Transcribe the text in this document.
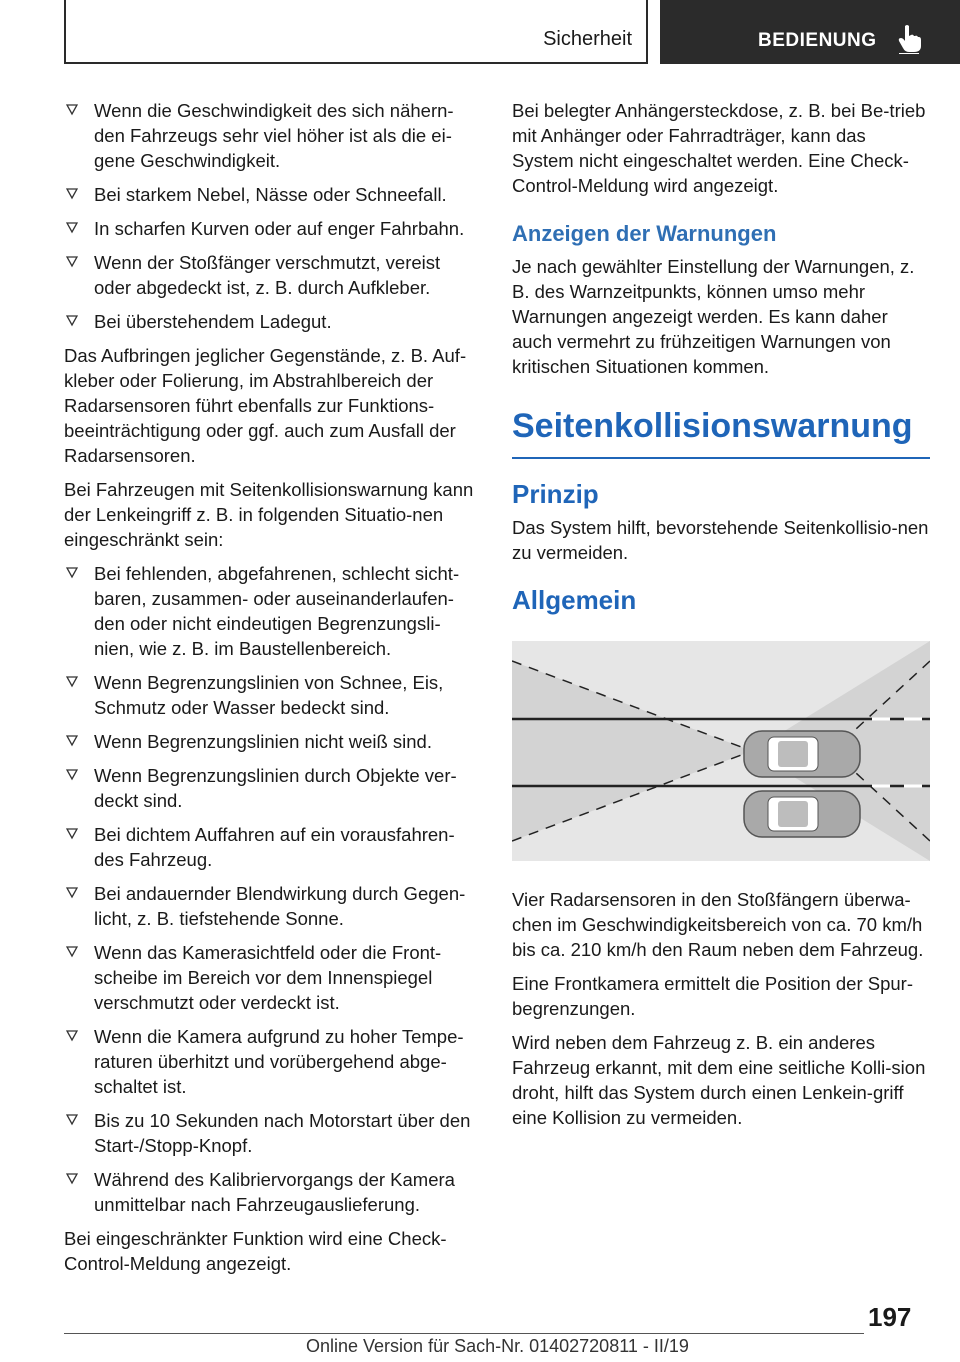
Sicherheit	BEDIENUNG
Wenn die Geschwindigkeit des sich nähern-den Fahrzeugs sehr viel höher ist als die ei-gene Geschwindigkeit.
Bei starkem Nebel, Nässe oder Schneefall.
In scharfen Kurven oder auf enger Fahrbahn.
Wenn der Stoßfänger verschmutzt, vereist oder abgedeckt ist, z. B. durch Aufkleber.
Bei überstehendem Ladegut.

Das Aufbringen jeglicher Gegenstände, z. B. Auf-kleber oder Folierung, im Abstrahlbereich der Radarsensoren führt ebenfalls zur Funktions-beeinträchtigung oder ggf. auch zum Ausfall der Radarsensoren.

Bei Fahrzeugen mit Seitenkollisionswarnung kann der Lenkeingriff z. B. in folgenden Situatio-nen eingeschränkt sein:

Bei fehlenden, abgefahrenen, schlecht sicht-baren, zusammen- oder auseinanderlaufen-den oder nicht eindeutigen Begrenzungsli-nien, wie z. B. im Baustellenbereich.
Wenn Begrenzungslinien von Schnee, Eis, Schmutz oder Wasser bedeckt sind.
Wenn Begrenzungslinien nicht weiß sind.
Wenn Begrenzungslinien durch Objekte ver-deckt sind.
Bei dichtem Auffahren auf ein vorausfahren-des Fahrzeug.
Bei andauernder Blendwirkung durch Gegen-licht, z. B. tiefstehende Sonne.
Wenn das Kamerasichtfeld oder die Front-scheibe im Bereich vor dem Innenspiegel verschmutzt oder verdeckt ist.
Wenn die Kamera aufgrund zu hoher Tempe-raturen überhitzt und vorübergehend abge-schaltet ist.
Bis zu 10 Sekunden nach Motorstart über den Start-/Stopp-Knopf.
Während des Kalibriervorgangs der Kamera unmittelbar nach Fahrzeugauslieferung.

Bei eingeschränkter Funktion wird eine Check-Control-Meldung angezeigt.

Bei belegter Anhängersteckdose, z. B. bei Be-trieb mit Anhänger oder Fahrradträger, kann das System nicht eingeschaltet werden. Eine Check-Control-Meldung wird angezeigt.

Anzeigen der Warnungen

Je nach gewählter Einstellung der Warnungen, z. B. des Warnzeitpunkts, können umso mehr Warnungen angezeigt werden. Es kann daher auch vermehrt zu frühzeitigen Warnungen von kritischen Situationen kommen.

Seitenkollisionswarnung
Prinzip

Das System hilft, bevorstehende Seitenkollisio-nen zu vermeiden.

Allgemein

Vier Radarsensoren in den Stoßfängern überwa-chen im Geschwindigkeitsbereich von ca. 70 km/h bis ca. 210 km/h den Raum neben dem Fahrzeug.

Eine Frontkamera ermittelt die Position der Spur-begrenzungen.

Wird neben dem Fahrzeug z. B. ein anderes Fahrzeug erkannt, mit dem eine seitliche Kolli-sion droht, hilft das System durch einen Lenkein-griff eine Kollision zu vermeiden.

197
Online Version für Sach-Nr. 01402720811 - II/19
